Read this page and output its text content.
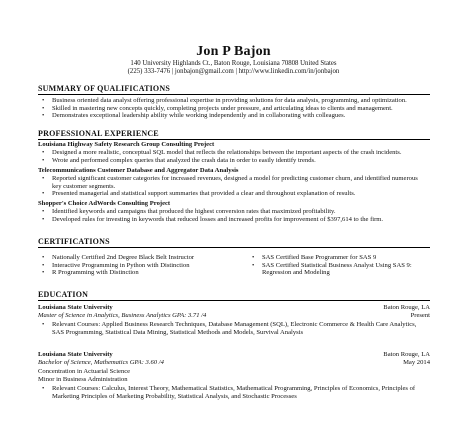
Jon P Bajon
140 University Highlands Ct., Baton Rouge, Louisiana 70808 United States
(225) 333-7476 | jonbajon@gmail.com | http://www.linkedin.com/in/jonbajon
SUMMARY OF QUALIFICATIONS
• Business oriented data analyst offering professional expertise in providing solutions for data analysis, programming, and optimization.
• Skilled in mastering new concepts quickly, completing projects under pressure, and articulating ideas to clients and management.
• Demonstrates exceptional leadership ability while working independently and in collaborating with colleagues.
PROFESSIONAL EXPERIENCE
Louisiana Highway Safety Research Group Consulting Project
• Designed a more realistic, conceptual SQL model that reflects the relationships between the important aspects of the crash incidents.
• Wrote and performed complex queries that analyzed the crash data in order to easily identify trends.
Telecommunications Customer Database and Aggregator Data Analysis
• Reported significant customer categories for increased revenues, designed a model for predicting customer churn, and identified numerous key customer segments.
• Presented managerial and statistical support summaries that provided a clear and throughout explanation of results.
Shopper's Choice AdWords Consulting Project
• Identified keywords and campaigns that produced the highest conversion rates that maximized profitability.
• Developed rules for investing in keywords that reduced losses and increased profits for improvement of $397,614 to the firm.
CERTIFICATIONS
• Nationally Certified 2nd Degree Black Belt Instructor
• Interactive Programming in Python with Distinction
• R Programming with Distinction
• SAS Certified Base Programmer for SAS 9
• SAS Certified Statistical Business Analyst Using SAS 9: Regression and Modeling
EDUCATION
Louisiana State University	Baton Rouge, LA
Master of Science in Analytics, Business Analytics GPA: 3.71 /4	Present
• Relevant Courses: Applied Business Research Techniques, Database Management (SQL), Electronic Commerce & Health Care Analytics, SAS Programming, Statistical Data Mining, Statistical Methods and Models, Survival Analysis
Louisiana State University	Baton Rouge, LA
Bachelor of Science, Mathematics GPA: 3.60 /4	May 2014
Concentration in Actuarial Science
Minor in Business Administration
• Relevant Courses: Calculus, Interest Theory, Mathematical Statistics, Mathematical Programming, Principles of Economics, Principles of Marketing Principles of Marketing Probability, Statistical Analysis, and Stochastic Processes
